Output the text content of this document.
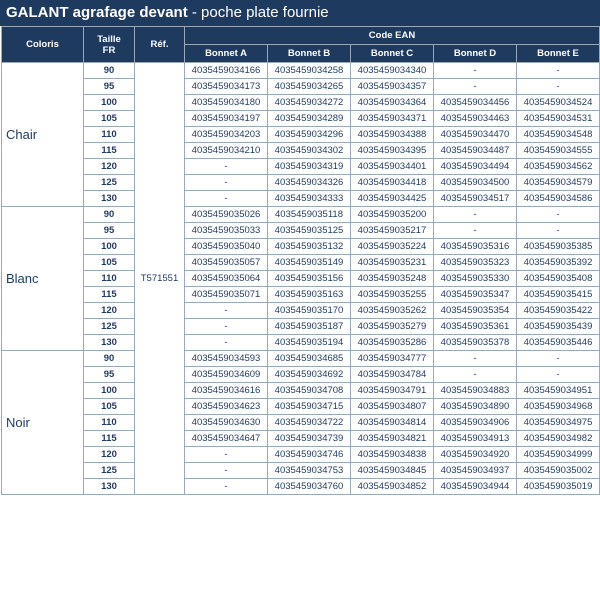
GALANT agrafage devant - poche plate fournie
Coloris	Taille
FR	Réf.	Code EAN				
			Bonnet A	Bonnet B	Bonnet C	Bonnet D	Bonnet E
Chair	90	T571551	4035459034166	4035459034258	4035459034340	-	-
	95		4035459034173	4035459034265	4035459034357	-	-
	100		4035459034180	4035459034272	4035459034364	4035459034456	4035459034524
	105		4035459034197	4035459034289	4035459034371	4035459034463	4035459034531
	110		4035459034203	4035459034296	4035459034388	4035459034470	4035459034548
	115		4035459034210	4035459034302	4035459034395	4035459034487	4035459034555
	120		-	4035459034319	4035459034401	4035459034494	4035459034562
	125		-	4035459034326	4035459034418	4035459034500	4035459034579
	130		-	4035459034333	4035459034425	4035459034517	4035459034586
Blanc	90		4035459035026	4035459035118	4035459035200	-	-
	95		4035459035033	4035459035125	4035459035217	-	-
	100		4035459035040	4035459035132	4035459035224	4035459035316	4035459035385
	105		4035459035057	4035459035149	4035459035231	4035459035323	4035459035392
	110		4035459035064	4035459035156	4035459035248	4035459035330	4035459035408
	115		4035459035071	4035459035163	4035459035255	4035459035347	4035459035415
	120		-	4035459035170	4035459035262	4035459035354	4035459035422
	125		-	4035459035187	4035459035279	4035459035361	4035459035439
	130		-	4035459035194	4035459035286	4035459035378	4035459035446
Noir	90		4035459034593	4035459034685	4035459034777	-	-
	95		4035459034609	4035459034692	4035459034784	-	-
	100		4035459034616	4035459034708	4035459034791	4035459034883	4035459034951
	105		4035459034623	4035459034715	4035459034807	4035459034890	4035459034968
	110		4035459034630	4035459034722	4035459034814	4035459034906	4035459034975
	115		4035459034647	4035459034739	4035459034821	4035459034913	4035459034982
	120		-	4035459034746	4035459034838	4035459034920	4035459034999
	125		-	4035459034753	4035459034845	4035459034937	4035459035002
	130		-	4035459034760	4035459034852	4035459034944	4035459035019
